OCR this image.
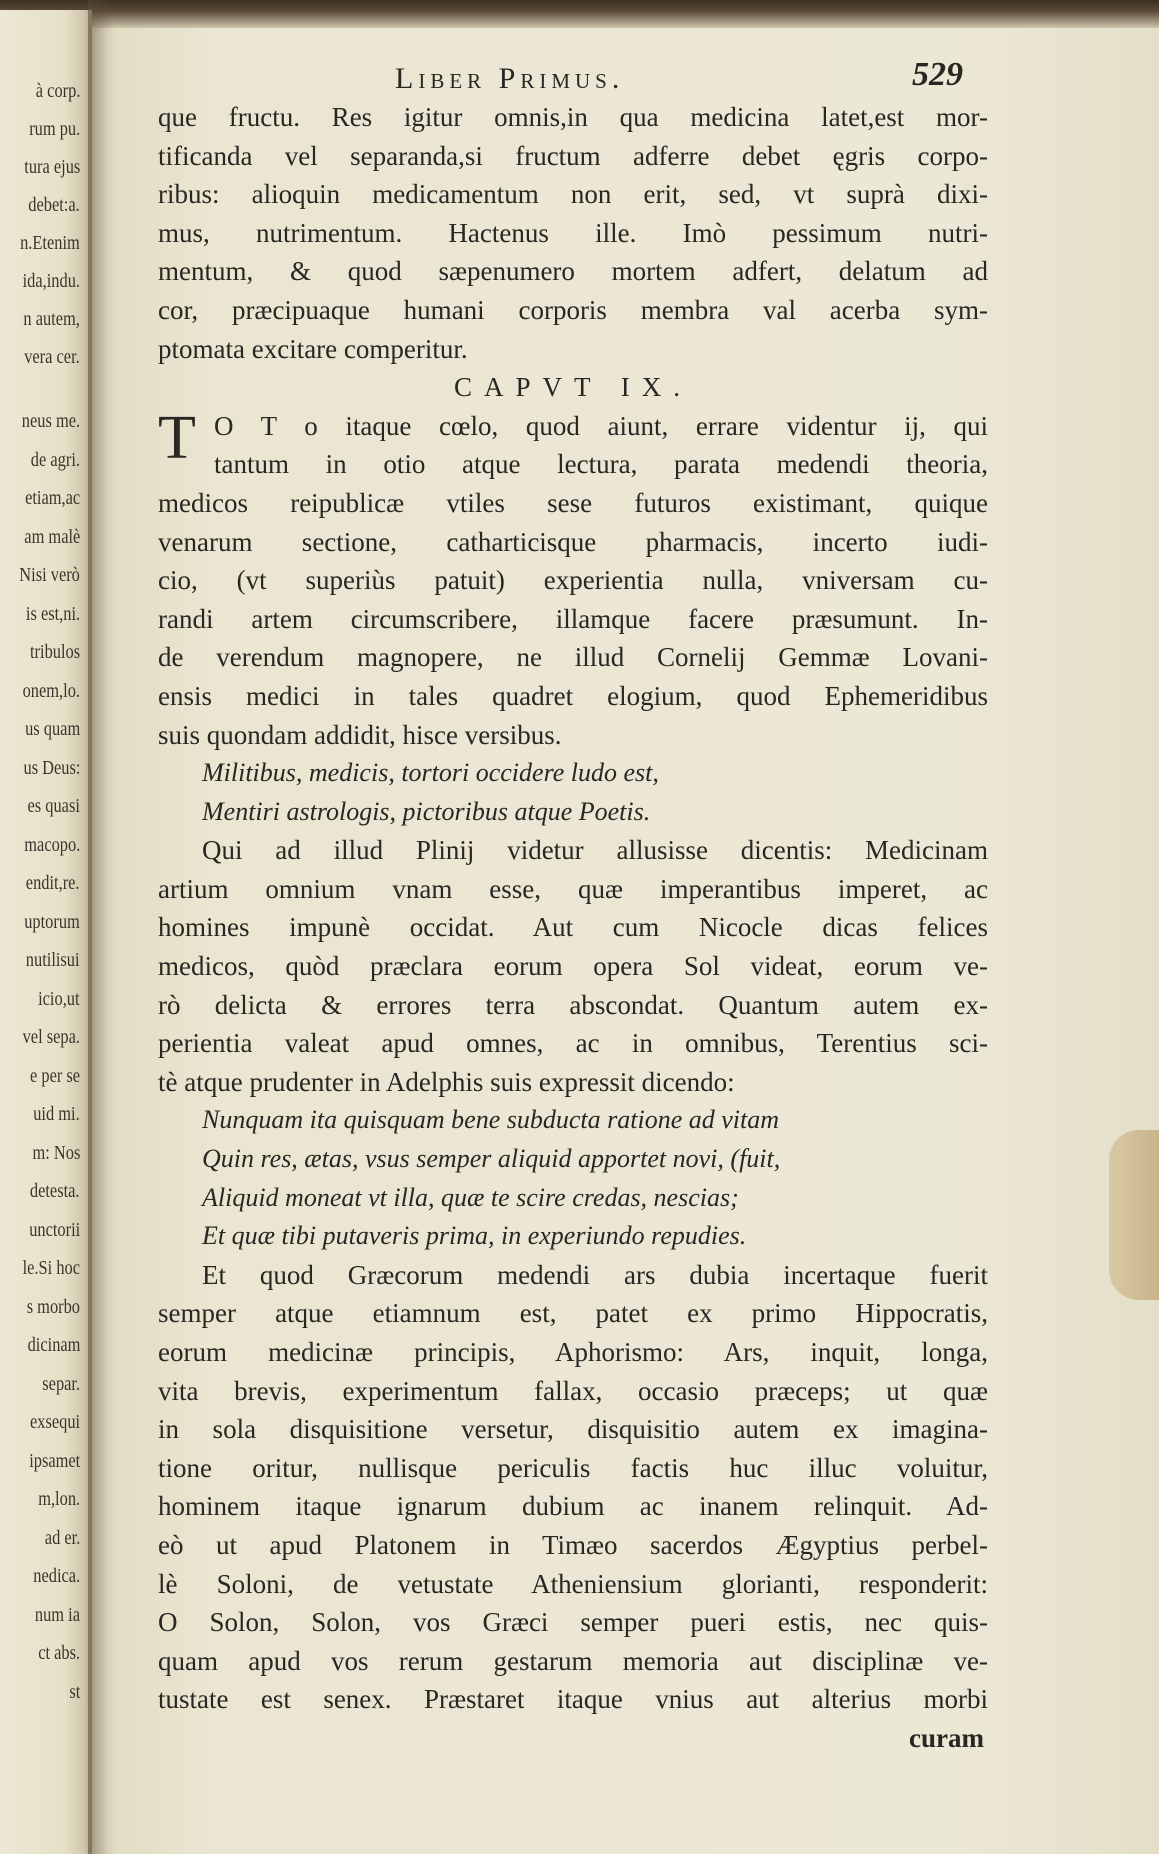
à corp.
rum pu.
tura ejus
debet:a.
n.Etenim
ida,indu.
n autem,
vera cer.
neus me.
de agri.
etiam,ac
am malè
Nisi verò
is est,ni.
tribulos
onem,lo.
us quam
us Deus:
es quasi
macopo.
endit,re.
uptorum
nutilisui
icio,ut
vel sepa.
e per se
uid mi.
m: Nos
detesta.
unctorii
le.Si hoc
s morbo
dicinam
separ.
exsequi
ipsamet
m,lon.
ad er.
nedica.
num ia
ct abs.
st
Liber Primus.	529
que fructu. Res igitur omnis,in qua medicina latet,est mor-
tificanda vel separanda,si fructum adferre debet ęgris corpo-
ribus: alioquin medicamentum non erit, sed, vt suprà dixi-
mus, nutrimentum. Hactenus ille. Imò pessimum nutri-
mentum, & quod sæpenumero mortem adfert, delatum ad
cor, præcipuaque humani corporis membra val acerba sym-
ptomata excitare comperitur.
CAPVT IX.
T O T o itaque cœlo, quod aiunt, errare videntur ij, qui
tantum in otio atque lectura, parata medendi theoria,
medicos reipublicæ vtiles sese futuros existimant, quique
venarum sectione, catharticisque pharmacis, incerto iudi-
cio, (vt superiùs patuit) experientia nulla, vniversam cu-
randi artem circumscribere, illamque facere præsumunt. In-
de verendum magnopere, ne illud Cornelij Gemmæ Lovani-
ensis medici in tales quadret elogium, quod Ephemeridibus
suis quondam addidit, hisce versibus.
Militibus, medicis, tortori occidere ludo est,
Mentiri astrologis, pictoribus atque Poetis.
Qui ad illud Plinij videtur allusisse dicentis: Medicinam
artium omnium vnam esse, quæ imperantibus imperet, ac
homines impunè occidat. Aut cum Nicocle dicas felices
medicos, quòd præclara eorum opera Sol videat, eorum ve-
rò delicta & errores terra abscondat. Quantum autem ex-
perientia valeat apud omnes, ac in omnibus, Terentius sci-
tè atque prudenter in Adelphis suis expressit dicendo:
Nunquam ita quisquam bene subducta ratione ad vitam
Quin res, ætas, vsus semper aliquid apportet novi, (fuit,
Aliquid moneat vt illa, quæ te scire credas, nescias;
Et quæ tibi putaveris prima, in experiundo repudies.
Et quod Græcorum medendi ars dubia incertaque fuerit
semper atque etiamnum est, patet ex primo Hippocratis,
eorum medicinæ principis, Aphorismo: Ars, inquit, longa,
vita brevis, experimentum fallax, occasio præceps; ut quæ
in sola disquisitione versetur, disquisitio autem ex imagina-
tione oritur, nullisque periculis factis huc illuc voluitur,
hominem itaque ignarum dubium ac inanem relinquit. Ad-
eò ut apud Platonem in Timæo sacerdos Ægyptius perbel-
lè Soloni, de vetustate Atheniensium glorianti, responderit:
O Solon, Solon, vos Græci semper pueri estis, nec quis-
quam apud vos rerum gestarum memoria aut disciplinæ ve-
tustate est senex. Præstaret itaque vnius aut alterius morbi
curam
